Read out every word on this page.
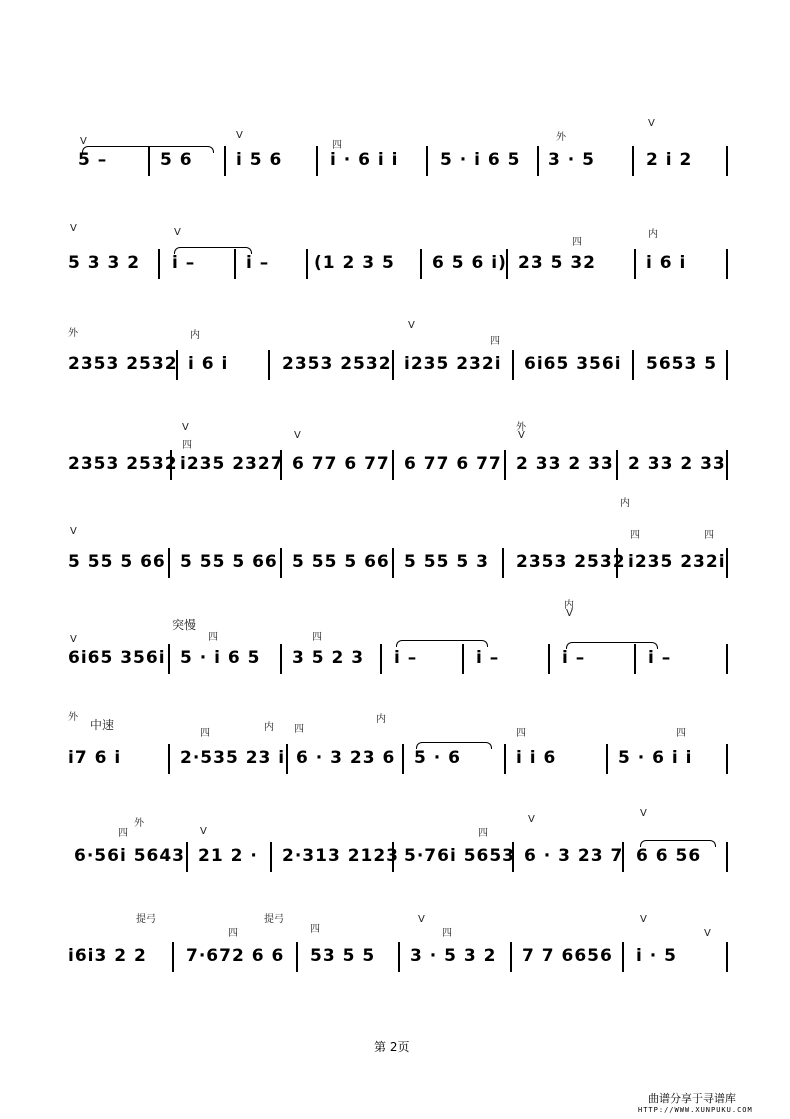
V
5 –	5 6
V
i 5 6
四
i · 6 i i 5 · i 6 5
外
3 · 5
V
2 i 2
V
5 3 3 2
V
i –	i –	(1 2 3 5 6 5 6 i)
四
23 5 32
内
i 6 i
外
2353 2532
内
i 6 i	2353 2532
V
四
i235 232i 6i65 356i 5653 5
2353 2532
V
四
i235 2327
V
6 77 6 77 6 77 6 77
外
V
2 33 2 33 2 33 2 33
V
5 55 5 66 5 55 5 66 5 55 5 66 5 55 5 3 2353 2532
内
四	四
i235 232i
V
6i65 356i
突慢
四
5 · i 6 5
四
3 5 2 3 i –	i –
内
V
i –	i –
外
中速
i7 6 i
四
内
2·535 23 i
四
内
6 · 3 23 6 5 · 6
四
i i 6
四
5 · 6 i i
四
外
6·56i 5643
V
21 2 · 2·313 2123
四
5·76i 5653
V
6 · 3 23 7
V
6 6 56
提弓
i6i3 2 2
四
提弓
7·672 6 6
四
53 5 5
V
四
3 · 5 3 2 7 7 6656
V
V
i · 5
第 2页
曲谱分享于寻谱库
HTTP://WWW.XUNPUKU.COM
